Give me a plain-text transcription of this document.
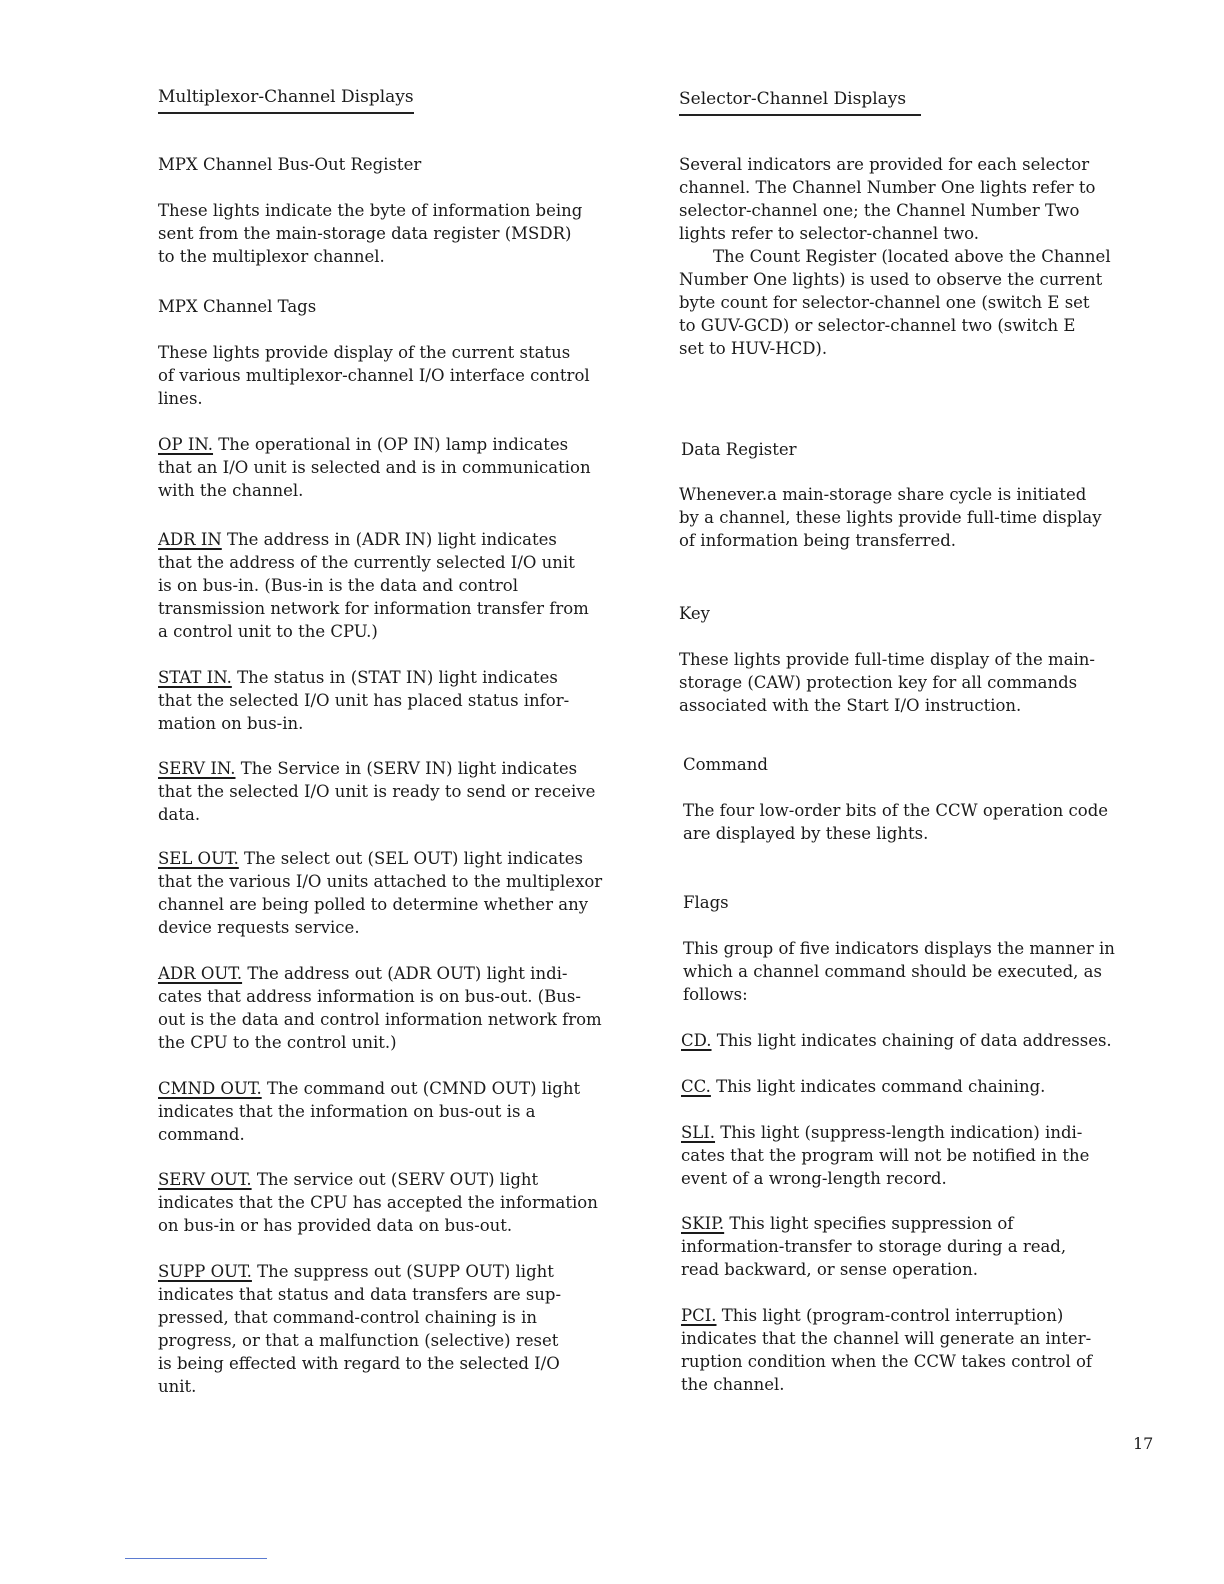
Multiplexor-Channel Displays
MPX Channel Bus-Out Register
These lights indicate the byte of information being
sent from the main-storage data register (MSDR)
to the multiplexor channel.
MPX Channel Tags
These lights provide display of the current status
of various multiplexor-channel I/O interface control
lines.
OP IN. The operational in (OP IN) lamp indicates
that an I/O unit is selected and is in communication
with the channel.
ADR IN The address in (ADR IN) light indicates
that the address of the currently selected I/O unit
is on bus-in. (Bus-in is the data and control
transmission network for information transfer from
a control unit to the CPU.)
STAT IN. The status in (STAT IN) light indicates
that the selected I/O unit has placed status infor-
mation on bus-in.
SERV IN. The Service in (SERV IN) light indicates
that the selected I/O unit is ready to send or receive
data.
SEL OUT. The select out (SEL OUT) light indicates
that the various I/O units attached to the multiplexor
channel are being polled to determine whether any
device requests service.
ADR OUT. The address out (ADR OUT) light indi-
cates that address information is on bus-out. (Bus-
out is the data and control information network from
the CPU to the control unit.)
CMND OUT. The command out (CMND OUT) light
indicates that the information on bus-out is a
command.
SERV OUT. The service out (SERV OUT) light
indicates that the CPU has accepted the information
on bus-in or has provided data on bus-out.
SUPP OUT. The suppress out (SUPP OUT) light
indicates that status and data transfers are sup-
pressed, that command-control chaining is in
progress, or that a malfunction (selective) reset
is being effected with regard to the selected I/O
unit.
Selector-Channel Displays
Several indicators are provided for each selector
channel. The Channel Number One lights refer to
selector-channel one; the Channel Number Two
lights refer to selector-channel two.
The Count Register (located above the Channel
Number One lights) is used to observe the current
byte count for selector-channel one (switch E set
to GUV-GCD) or selector-channel two (switch E
set to HUV-HCD).
Data Register
Whenever.a main-storage share cycle is initiated
by a channel, these lights provide full-time display
of information being transferred.
Key
These lights provide full-time display of the main-
storage (CAW) protection key for all commands
associated with the Start I/O instruction.
Command
The four low-order bits of the CCW operation code
are displayed by these lights.
Flags
This group of five indicators displays the manner in
which a channel command should be executed, as
follows:
CD. This light indicates chaining of data addresses.
CC. This light indicates command chaining.
SLI. This light (suppress-length indication) indi-
cates that the program will not be notified in the
event of a wrong-length record.
SKIP. This light specifies suppression of
information-transfer to storage during a read,
read backward, or sense operation.
PCI. This light (program-control interruption)
indicates that the channel will generate an inter-
ruption condition when the CCW takes control of
the channel.
17
